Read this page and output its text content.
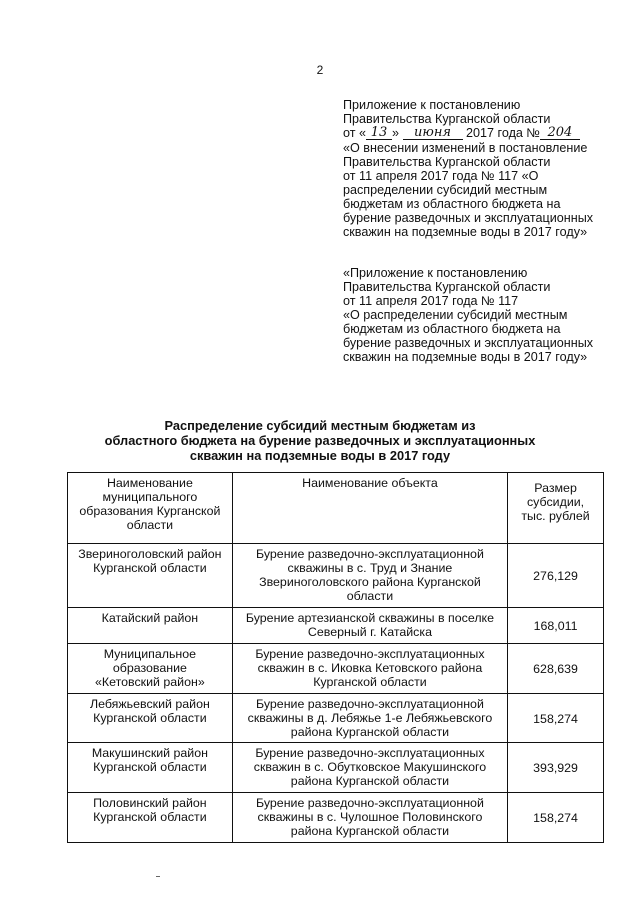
2
Приложение к постановлению
Правительства Курганской области
от « 13 » июня 2017 года № 204
«О внесении изменений в постановление
Правительства Курганской области
от 11 апреля 2017 года № 117 «О
распределении субсидий местным
бюджетам из областного бюджета на
бурение разведочных и эксплуатационных
скважин на подземные воды в 2017 году»
«Приложение к постановлению
Правительства Курганской области
от 11 апреля 2017 года № 117
«О распределении субсидий местным
бюджетам из областного бюджета на
бурение разведочных и эксплуатационных
скважин на подземные воды в 2017 году»
Распределение субсидий местным бюджетам из
областного бюджета на бурение разведочных и эксплуатационных
скважин на подземные воды в 2017 году
Наименование
муниципального
образования Курганской
области	Наименование объекта	Размер
субсидии,
тыс. рублей
Звериноголовский район
Курганской области	Бурение разведочно-эксплуатационной
скважины в с. Труд и Знание
Звериноголовского района Курганской
области	276,129
Катайский район	Бурение артезианской скважины в поселке
Северный г. Катайска	168,011
Муниципальное
образование
«Кетовский район»	Бурение разведочно-эксплуатационных
скважин в с. Иковка Кетовского района
Курганской области	628,639
Лебяжьевский район
Курганской области	Бурение разведочно-эксплуатационной
скважины в д. Лебяжье 1-е Лебяжьевского
района Курганской области	158,274
Макушинский район
Курганской области	Бурение разведочно-эксплуатационных
скважин в с. Обутковское Макушинского
района Курганской области	393,929
Половинский район
Курганской области	Бурение разведочно-эксплуатационной
скважины в с. Чулошное Половинского
района Курганской области	158,274
